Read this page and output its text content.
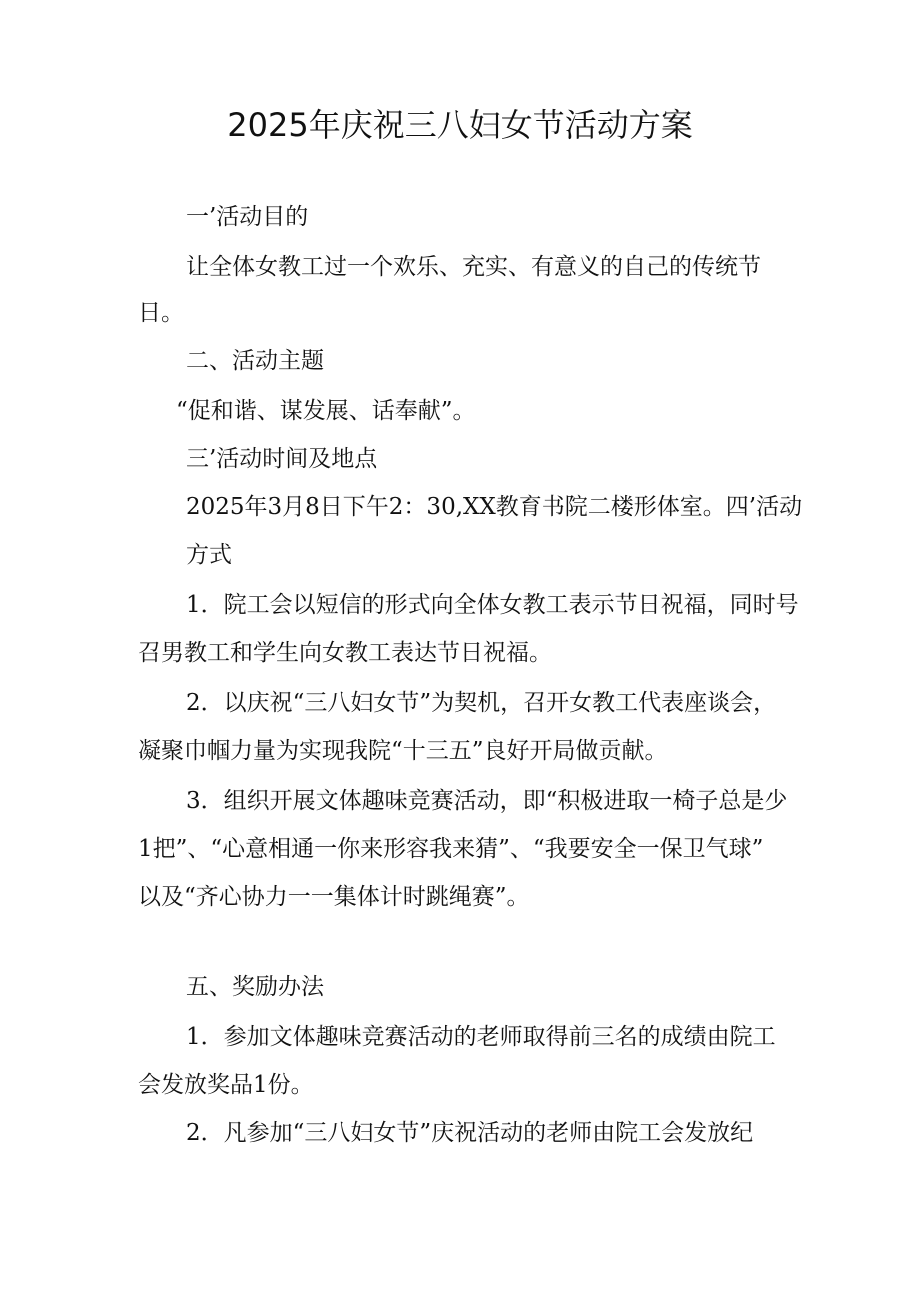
2025年庆祝三八妇女节活动方案

一’活动目的

让全体女教工过一个欢乐、充实、有意义的自己的传统节

日。

二、活动主题

“促和谐、谋发展、话奉献”。

三’活动时间及地点

2025年3月8日下午2：30,XX教育书院二楼形体室。四’活动

方式

1．院工会以短信的形式向全体女教工表示节日祝福，同时号

召男教工和学生向女教工表达节日祝福。

2．以庆祝“三八妇女节”为契机，召开女教工代表座谈会，

凝聚巾帼力量为实现我院“十三五”良好开局做贡献。

3．组织开展文体趣味竞赛活动，即“积极进取一椅子总是少

1把”、“心意相通一你来形容我来猜”、“我要安全一保卫气球”

以及“齐心协力一一集体计时跳绳赛”。

五、奖励办法

1．参加文体趣味竞赛活动的老师取得前三名的成绩由院工

会发放奖品1份。

2．凡参加“三八妇女节”庆祝活动的老师由院工会发放纪
